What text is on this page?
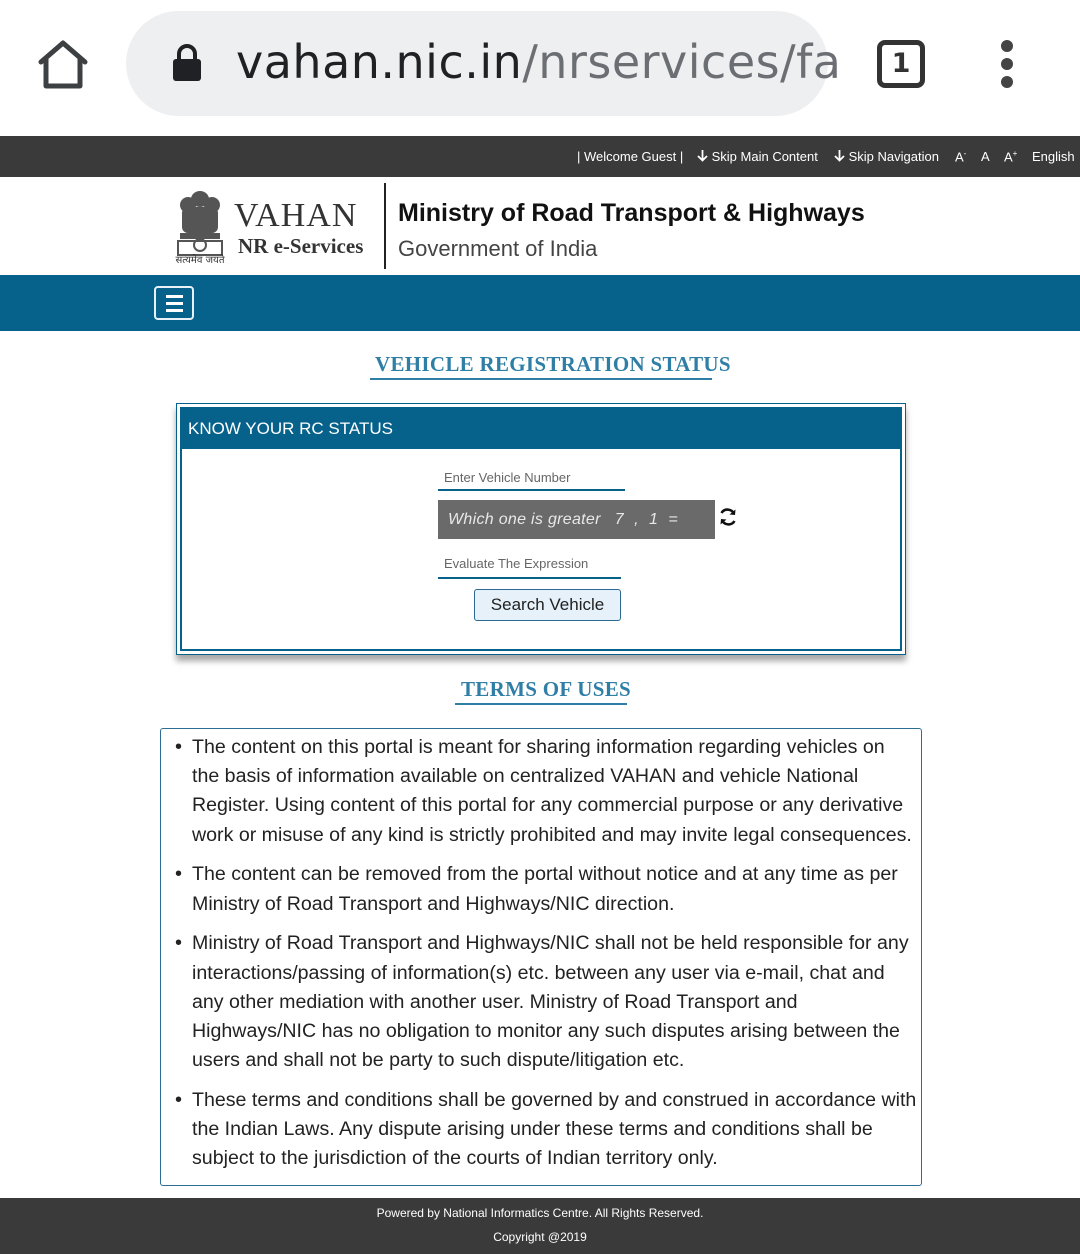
vahan.nic.in/nrservices/fa	1
| Welcome Guest |	Skip Main Content	Skip Navigation A- A A+ English
सत्यमेव जयते
VAHAN
NR e-Services
Ministry of Road Transport & Highways
Government of India
VEHICLE REGISTRATION STATUS
KNOW YOUR RC STATUS
Enter Vehicle Number
Which one is greater 7 , 1 =
Evaluate The Expression
Search Vehicle
TERMS OF USES
• The content on this portal is meant for sharing information regarding vehicles on the basis of information available on centralized VAHAN and vehicle National Register. Using content of this portal for any commercial purpose or any derivative work or misuse of any kind is strictly prohibited and may invite legal consequences.
• The content can be removed from the portal without notice and at any time as per Ministry of Road Transport and Highways/NIC direction.
• Ministry of Road Transport and Highways/NIC shall not be held responsible for any interactions/passing of information(s) etc. between any user via e-mail, chat and any other mediation with another user. Ministry of Road Transport and Highways/NIC has no obligation to monitor any such disputes arising between the users and shall not be party to such dispute/litigation etc.
• These terms and conditions shall be governed by and construed in accordance with the Indian Laws. Any dispute arising under these terms and conditions shall be subject to the jurisdiction of the courts of Indian territory only.
Powered by National Informatics Centre. All Rights Reserved.
Copyright @2019
